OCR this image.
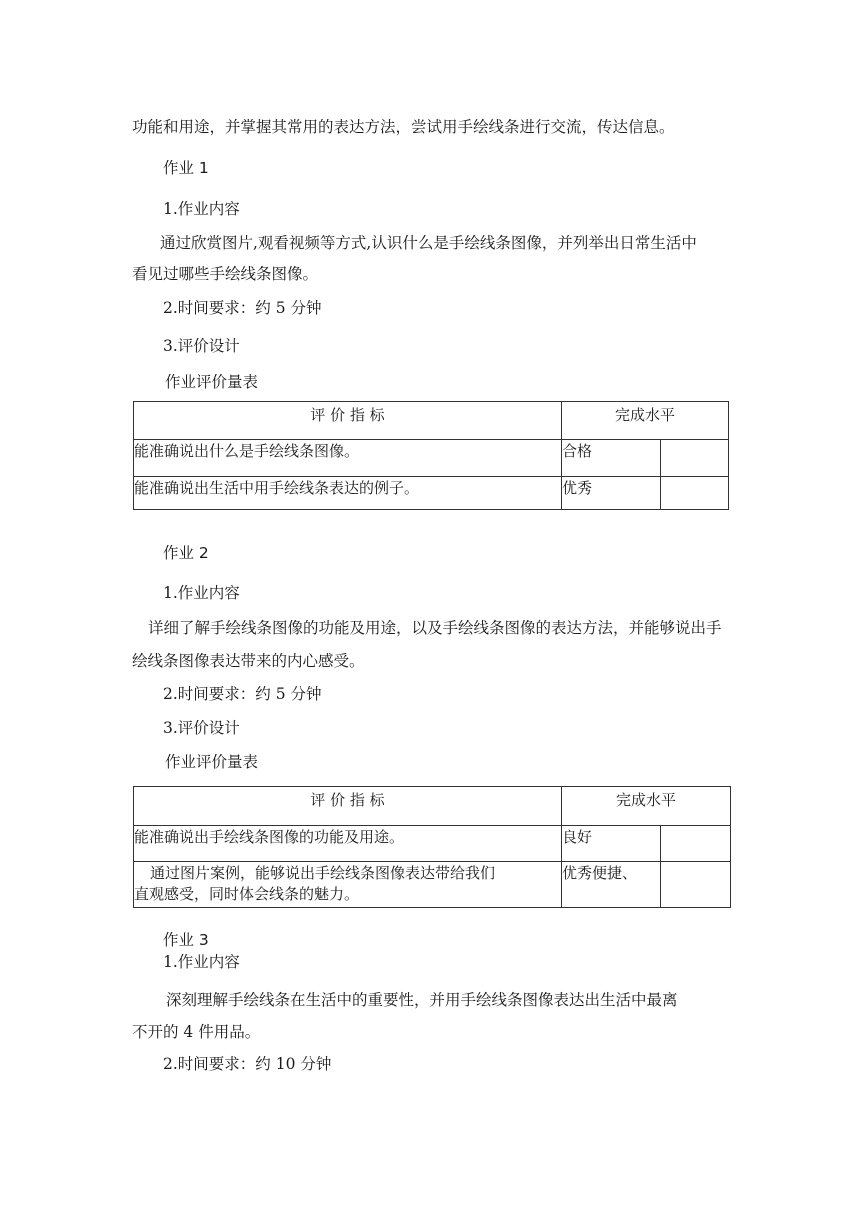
功能和用途，并掌握其常用的表达方法，尝试用手绘线条进行交流，传达信息。
作业 1
1.作业内容
通过欣赏图片,观看视频等方式,认识什么是手绘线条图像，并列举出日常生活中
看见过哪些手绘线条图像。
2.时间要求：约 5 分钟
3.评价设计
作业评价量表
评 价 指 标	完成水平	
能准确说出什么是手绘线条图像。	合格	
能准确说出生活中用手绘线条表达的例子。	优秀	
作业 2
1.作业内容
详细了解手绘线条图像的功能及用途，以及手绘线条图像的表达方法，并能够说出手
绘线条图像表达带来的内心感受。
2.时间要求：约 5 分钟
3.评价设计
作业评价量表
评 价 指 标	完成水平	
能准确说出手绘线条图像的功能及用途。	良好	

通过图片案例，能够说出手绘线条图像表达带给我们
直观感受，同时体会线条的魅力。	优秀便捷、	
作业 3
1.作业内容
深刻理解手绘线条在生活中的重要性，并用手绘线条图像表达出生活中最离
不开的 4 件用品。
2.时间要求：约 10 分钟
